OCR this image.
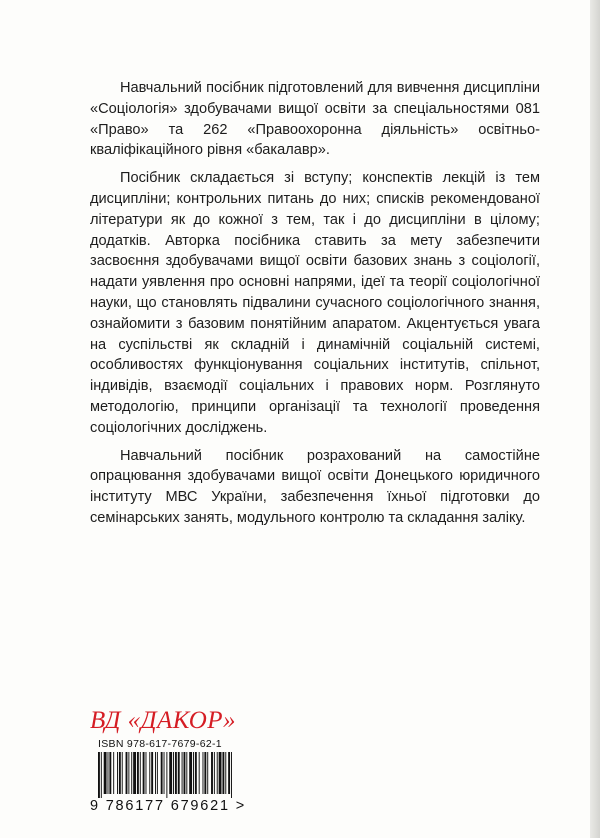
Навчальний посібник підготовлений для вивчення дисципліни «Соціологія» здобувачами вищої освіти за спеціальностями 081 «Право» та 262 «Правоохоронна діяльність» освітньо-кваліфікаційного рівня «бакалавр».

Посібник складається зі вступу; конспектів лекцій із тем дисципліни; контрольних питань до них; списків рекомендованої літератури як до кожної з тем, так і до дисципліни в цілому; додатків. Авторка посібника ставить за мету забезпечити засвоєння здобувачами вищої освіти базових знань з соціології, надати уявлення про основні напрями, ідеї та теорії соціологічної науки, що становлять підвалини сучасного соціологічного знання, ознайомити з базовим понятійним апаратом. Акцентується увага на суспільстві як складній і динамічній соціальній системі, особливостях функціонування соціальних інститутів, спільнот, індивідів, взаємодії соціальних і правових норм. Розглянуто методологію, принципи організації та технології проведення соціологічних досліджень.

Навчальний посібник розрахований на самостійне опрацювання здобувачами вищої освіти Донецького юридичного інституту МВС України, забезпечення їхньої підготовки до семінарських занять, модульного контролю та складання заліку.

ВД «ДАКОР»
ISBN 978-617-7679-62-1
9 786177 679621 >
